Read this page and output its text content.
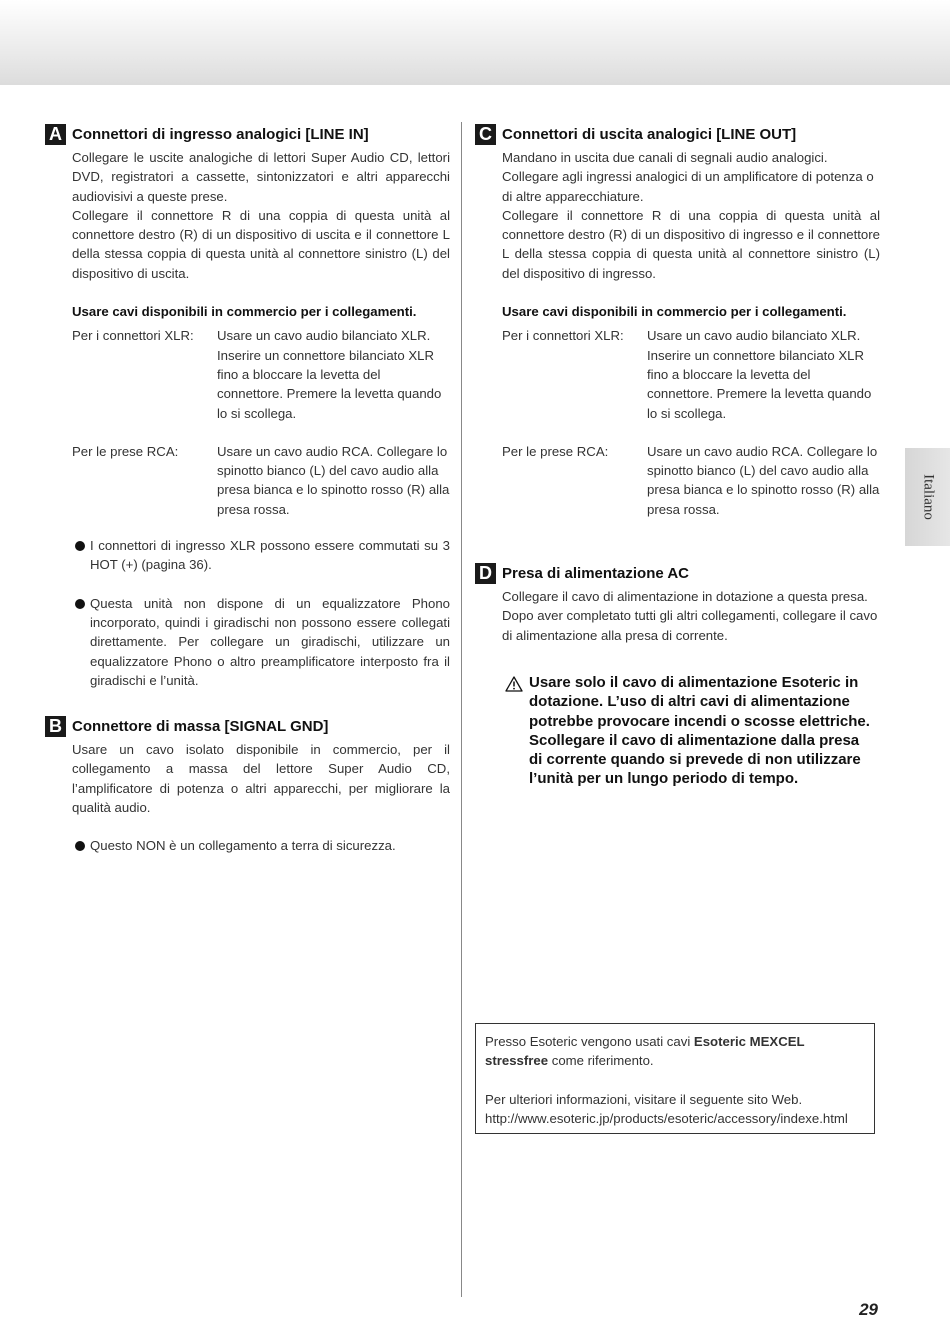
A Connettori di ingresso analogici [LINE IN]

Collegare le uscite analogiche di lettori Super Audio CD, lettori DVD, registratori a cassette, sintonizzatori e altri apparecchi audiovisivi a queste prese.

Collegare il connettore R di una coppia di questa unità al connettore destro (R) di un dispositivo di uscita e il connettore L della stessa coppia di questa unità al connettore sinistro (L) del dispositivo di uscita.

Usare cavi disponibili in commercio per i collegamenti.

Per i connettori XLR:	Usare un cavo audio bilanciato XLR. Inserire un connettore bilanciato XLR fino a bloccare la levetta del connettore. Premere la levetta quando lo si scollega.
Per le prese RCA:	Usare un cavo audio RCA. Collegare lo spinotto bianco (L) del cavo audio alla presa bianca e lo spinotto rosso (R) alla presa rossa.

I connettori di ingresso XLR possono essere commutati su 3 HOT (+) (pagina 36).

Questa unità non dispone di un equalizzatore Phono incorporato, quindi i giradischi non possono essere collegati direttamente. Per collegare un giradischi, utilizzare un equalizzatore Phono o altro preamplificatore interposto fra il giradischi e l’unità.

B Connettore di massa [SIGNAL GND]

Usare un cavo isolato disponibile in commercio, per il collegamento a massa del lettore Super Audio CD, l’amplificatore di potenza o altri apparecchi, per migliorare la qualità audio.

Questo NON è un collegamento a terra di sicurezza.

C Connettori di uscita analogici [LINE OUT]

Mandano in uscita due canali di segnali audio analogici.

Collegare agli ingressi analogici di un amplificatore di potenza o di altre apparecchiature.

Collegare il connettore R di una coppia di questa unità al connettore destro (R) di un dispositivo di ingresso e il connettore L della stessa coppia di questa unità al connettore sinistro (L) del dispositivo di ingresso.

Usare cavi disponibili in commercio per i collegamenti.

Per i connettori XLR:	Usare un cavo audio bilanciato XLR. Inserire un connettore bilanciato XLR fino a bloccare la levetta del connettore. Premere la levetta quando lo si scollega.
Per le prese RCA:	Usare un cavo audio RCA. Collegare lo spinotto bianco (L) del cavo audio alla presa bianca e lo spinotto rosso (R) alla presa rossa.
D Presa di alimentazione AC

Collegare il cavo di alimentazione in dotazione a questa presa.

Dopo aver completato tutti gli altri collegamenti, collegare il cavo di alimentazione alla presa di corrente.

Usare solo il cavo di alimentazione Esoteric in dotazione. L’uso di altri cavi di alimentazione potrebbe provocare incendi o scosse elettriche. Scollegare il cavo di alimentazione dalla presa di corrente quando si prevede di non utilizzare l’unità per un lungo periodo di tempo.

Presso Esoteric vengono usati cavi Esoteric MEXCEL stressfree come riferimento.

Per ulteriori informazioni, visitare il seguente sito Web.

http://www.esoteric.jp/products/esoteric/accessory/indexe.html

Italiano
29
